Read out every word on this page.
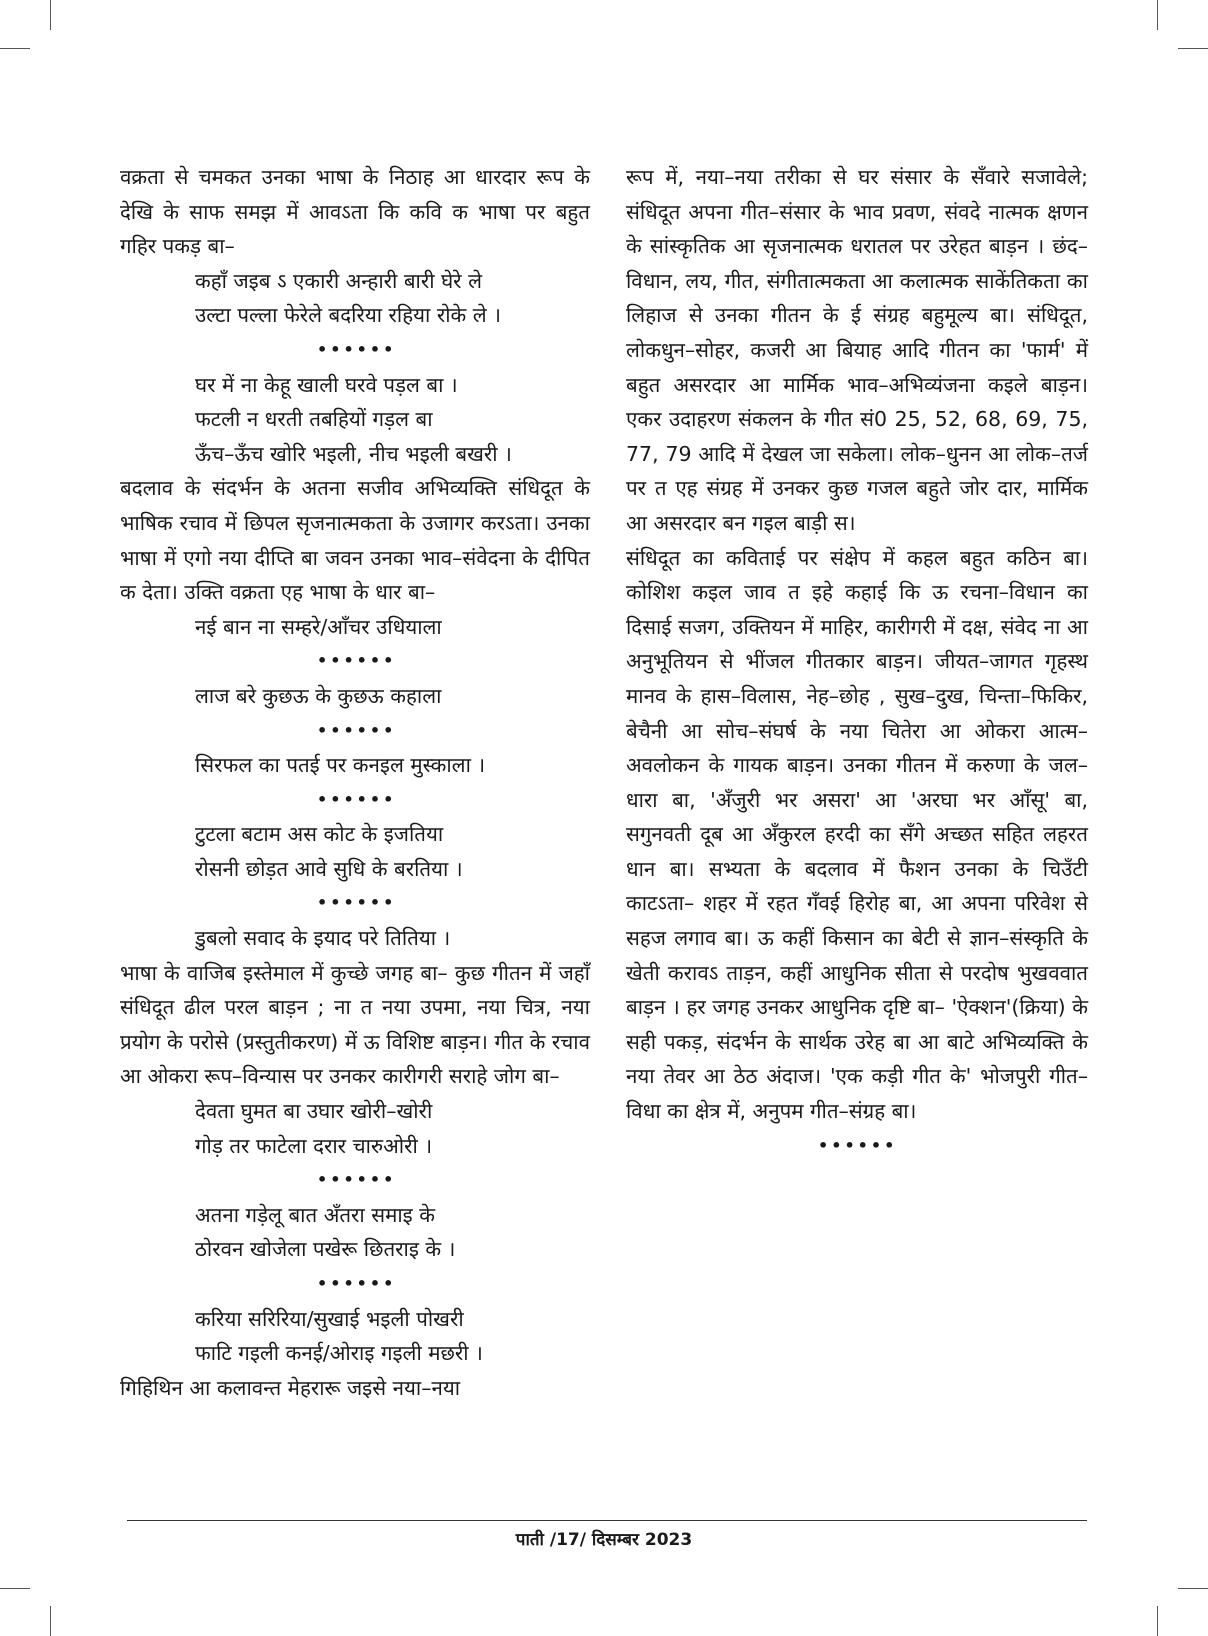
वक्रता से चमकत उनका भाषा के निठाह आ धारदार रूप के देखि के साफ समझ में आवऽता कि कवि क भाषा पर बहुत गहिर पकड़ बा–

कहाँ जइब ऽ एकारी अन्हारी बारी घेरे ले
उल्टा पल्ला फेरेले बदरिया रहिया रोके ले ।
••••••
घर में ना केहू खाली घरवे पड़ल बा ।
फटली न धरती तबहियों गड़ल बा
ऊँच–ऊँच खोरि भइली, नीच भइली बखरी ।

बदलाव के संदर्भन के अतना सजीव अभिव्यक्ति संधिदूत के भाषिक रचाव में छिपल सृजनात्मकता के उजागर करऽता। उनका भाषा में एगो नया दीप्ति बा जवन उनका भाव–संवेदना के दीपित क देता। उक्ति वक्रता एह भाषा के धार बा–

नई बान ना सम्हरे/आँचर उधियाला
••••••
लाज बरे कुछऊ के कुछऊ कहाला
••••••
सिरफल का पतई पर कनइल मुस्काला ।
••••••
टुटला बटाम अस कोट के इजतिया
रोसनी छोड़त आवे सुधि के बरतिया ।
••••••
डुबलो सवाद के इयाद परे तितिया ।

भाषा के वाजिब इस्तेमाल में कुच्छे जगह बा– कुछ गीतन में जहाँ संधिदूत ढील परल बाड़न ; ना त नया उपमा, नया चित्र, नया प्रयोग के परोसे (प्रस्तुतीकरण) में ऊ विशिष्ट बाड़न। गीत के रचाव आ ओकरा रूप–विन्यास पर उनकर कारीगरी सराहे जोग बा–

देवता घुमत बा उघार खोरी–खोरी
गोड़ तर फाटेला दरार चारुओरी ।
••••••
अतना गड़ेलू बात अँतरा समाइ के
ठोरवन खोजेला पखेरू छितराइ के ।
••••••
करिया सरिरिया/सुखाई भइली पोखरी
फाटि गइली कनई/ओराइ गइली मछरी ।

गिहिथिन आ कलावन्त मेहरारू जइसे नया–नया

रूप में, नया–नया तरीका से घर संसार के सँवारे सजावेले; संधिदूत अपना गीत–संसार के भाव प्रवण, संवदे नात्मक क्षणन के सांस्कृतिक आ सृजनात्मक धरातल पर उरेहत बाड़न । छंद–विधान, लय, गीत, संगीतात्मकता आ कलात्मक साकेंतिकता का लिहाज से उनका गीतन के ई संग्रह बहुमूल्य बा। संधिदूत, लोकधुन–सोहर, कजरी आ बियाह आदि गीतन का 'फार्म' में बहुत असरदार आ मार्मिक भाव–अभिव्यंजना कइले बाड़न। एकर उदाहरण संकलन के गीत सं0 25, 52, 68, 69, 75, 77, 79 आदि में देखल जा सकेला। लोक–धुनन आ लोक–तर्ज पर त एह संग्रह में उनकर कुछ गजल बहुते जोर दार, मार्मिक आ असरदार बन गइल बाड़ी स।

संधिदूत का कविताई पर संक्षेप में कहल बहुत कठिन बा। कोशिश कइल जाव त इहे कहाई कि ऊ रचना–विधान का दिसाई सजग, उक्तियन में माहिर, कारीगरी में दक्ष, संवेद ना आ अनुभूतियन से भींजल गीतकार बाड़न। जीयत–जागत गृहस्थ मानव के हास–विलास, नेह–छोह , सुख–दुख, चिन्ता–फिकिर, बेचैनी आ सोच–संघर्ष के नया चितेरा आ ओकरा आत्म–अवलोकन के गायक बाड़न। उनका गीतन में करुणा के जल–धारा बा, 'अँजुरी भर असरा' आ 'अरघा भर आँसू' बा, सगुनवती दूब आ अँकुरल हरदी का सँगे अच्छत सहित लहरत धान बा। सभ्यता के बदलाव में फैशन उनका के चिउँटी काटऽता– शहर में रहत गँवई हिरोह बा, आ अपना परिवेश से सहज लगाव बा। ऊ कहीं किसान का बेटी से ज्ञान–संस्कृति के खेती करावऽ ताड़न, कहीं आधुनिक सीता से परदोष भुखववात बाड़न । हर जगह उनकर आधुनिक दृष्टि बा– 'ऐक्शन'(क्रिया) के सही पकड़, संदर्भन के सार्थक उरेह बा आ बाटे अभिव्यक्ति के नया तेवर आ ठेठ अंदाज। 'एक कड़ी गीत के' भोजपुरी गीत–विधा का क्षेत्र में, अनुपम गीत–संग्रह बा।

••••••
पाती /17/ दिसम्बर 2023
